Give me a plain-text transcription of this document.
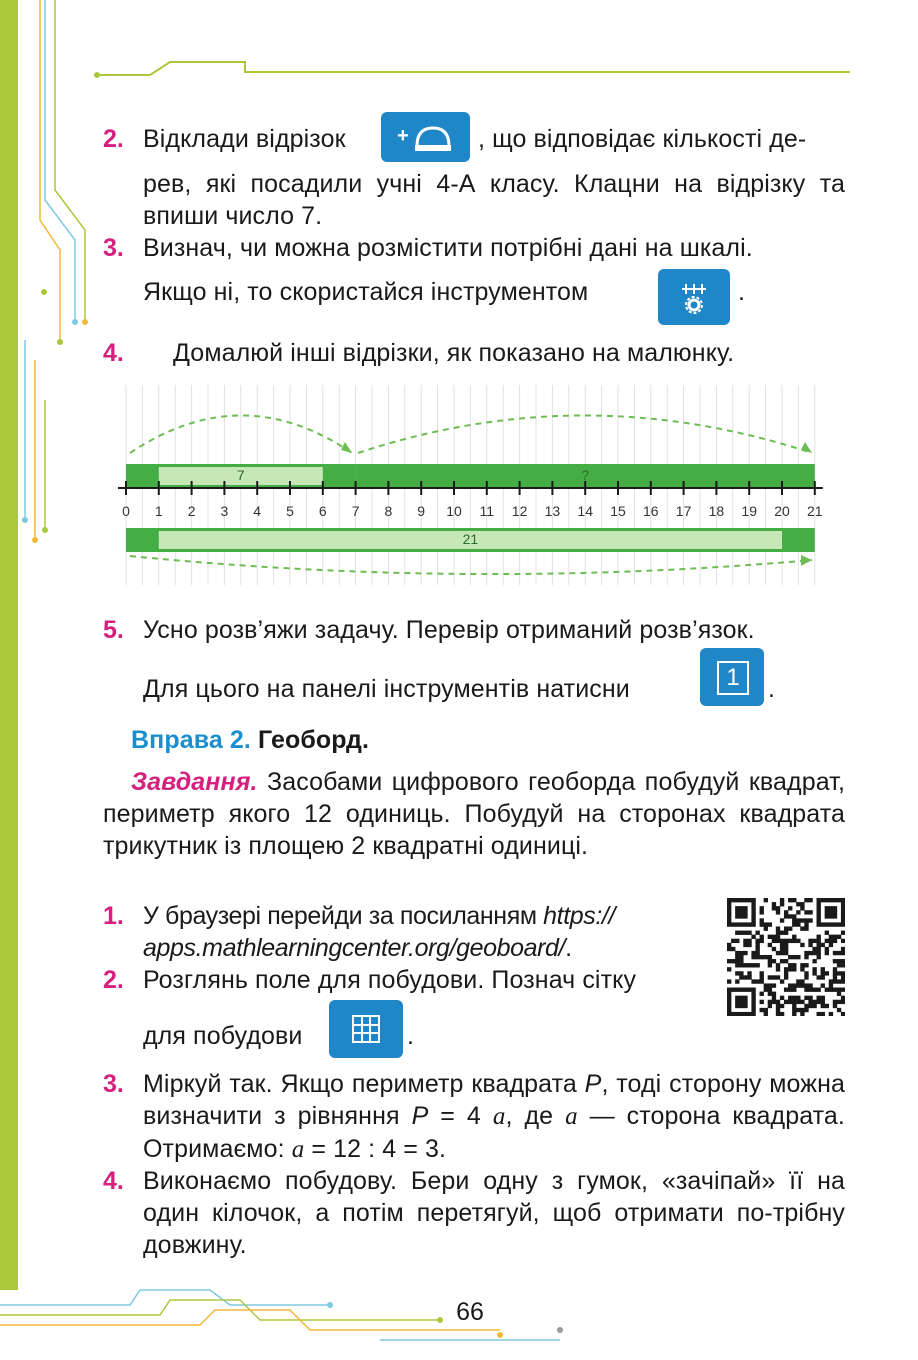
2. Відклади відрізок	+	, що відповідає кількості де-
рев, які посадили учні 4-А класу. Клацни на відрізку та впиши число 7.
3. Визнач, чи можна розмістити потрібні дані на шкалі.
Якщо ні, то скористайся інструментом	.
4. Домалюй інші відрізки, як показано на малюнку.
7	?
0 1 2 3 4 5 6 7 8 9 10 11 12 13 14 15 16 17 18 19 20 21
21
5. Усно розв’яжи задачу. Перевір отриманий розв’язок.
Для цього на панелі інструментів натисни	1	.
Вправа 2. Геоборд.
Завдання. Засобами цифрового геоборда побудуй квадрат, периметр якого 12 одиниць. Побудуй на сторонах квадрата трикутник із площею 2 квадратні одиниці.
1. У браузері перейди за посиланням https://
apps.mathlearningcenter.org/geoboard/.
2. Розглянь поле для побудови. Познач сітку
для побудови	.
3. Міркуй так. Якщо периметр квадрата P, тоді сторону можна визначити з рівняння P = 4 a, де a — сторона квадрата. Отримаємо: a = 12 : 4 = 3.
4. Виконаємо побудову. Бери одну з гумок, «зачіпай» її на один кілочок, а потім перетягуй, щоб отримати по-трібну довжину.
66
